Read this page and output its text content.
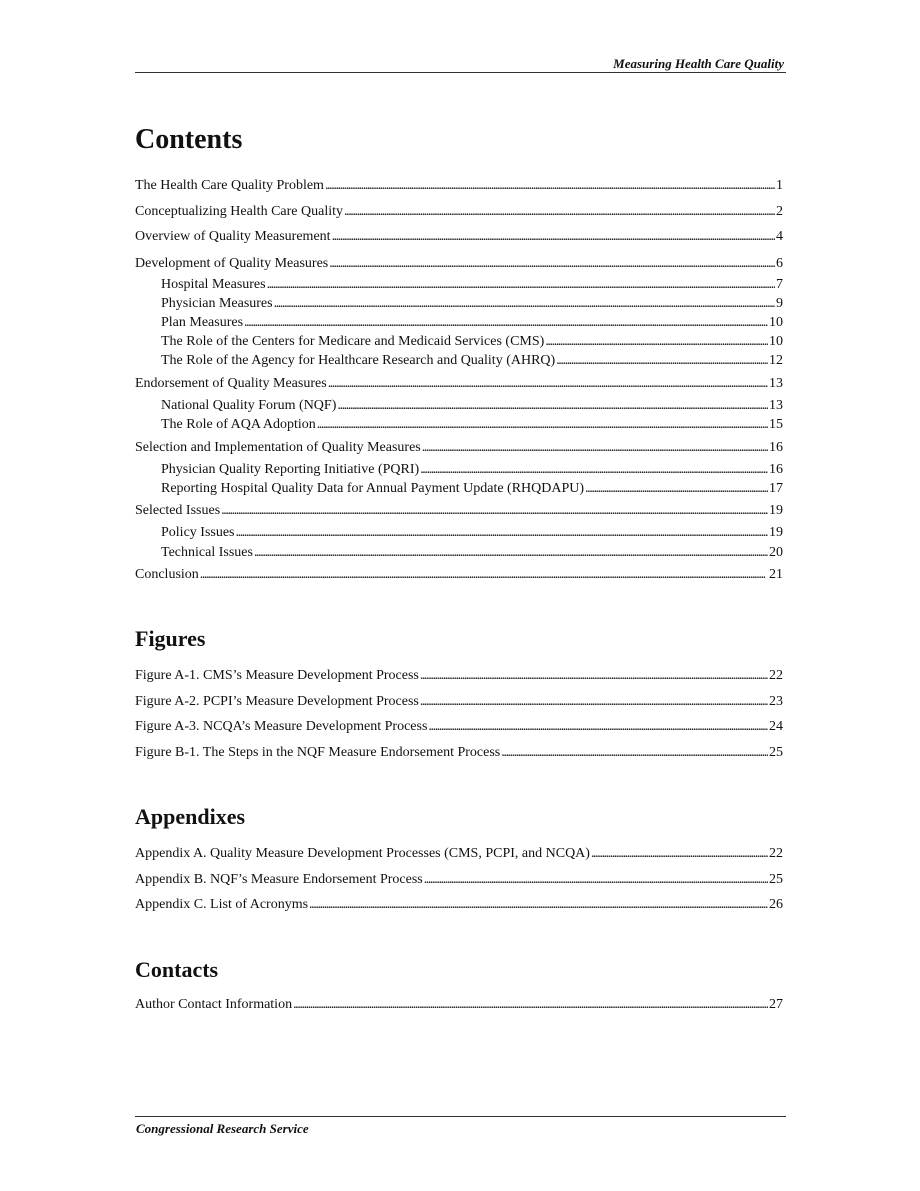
Measuring Health Care Quality
Contents
The Health Care Quality Problem . . .	1
Conceptualizing Health Care Quality . . .	2
Overview of Quality Measurement . . .	4
Development of Quality Measures . . .	6
Hospital Measures . . .	7
Physician Measures . . .	9
Plan Measures . . .	10
The Role of the Centers for Medicare and Medicaid Services (CMS) . . .	10
The Role of the Agency for Healthcare Research and Quality (AHRQ) . . .	12
Endorsement of Quality Measures . . .	13
National Quality Forum (NQF) . . .	13
The Role of AQA Adoption . . .	15
Selection and Implementation of Quality Measures . . .	16
Physician Quality Reporting Initiative (PQRI) . . .	16
Reporting Hospital Quality Data for Annual Payment Update (RHQDAPU) . . .	17
Selected Issues . . .	19
Policy Issues . . .	19
Technical Issues . . .	20
Conclusion . . .	21
Figures
Figure A-1. CMS’s Measure Development Process . . .	22
Figure A-2. PCPI’s Measure Development Process . . .	23
Figure A-3. NCQA’s Measure Development Process . . .	24
Figure B-1. The Steps in the NQF Measure Endorsement Process . . .	25
Appendixes
Appendix A. Quality Measure Development Processes (CMS, PCPI, and NCQA) . . .	22
Appendix B. NQF’s Measure Endorsement Process . . .	25
Appendix C. List of Acronyms . . .	26
Contacts
Author Contact Information . . .	27
Congressional Research Service
